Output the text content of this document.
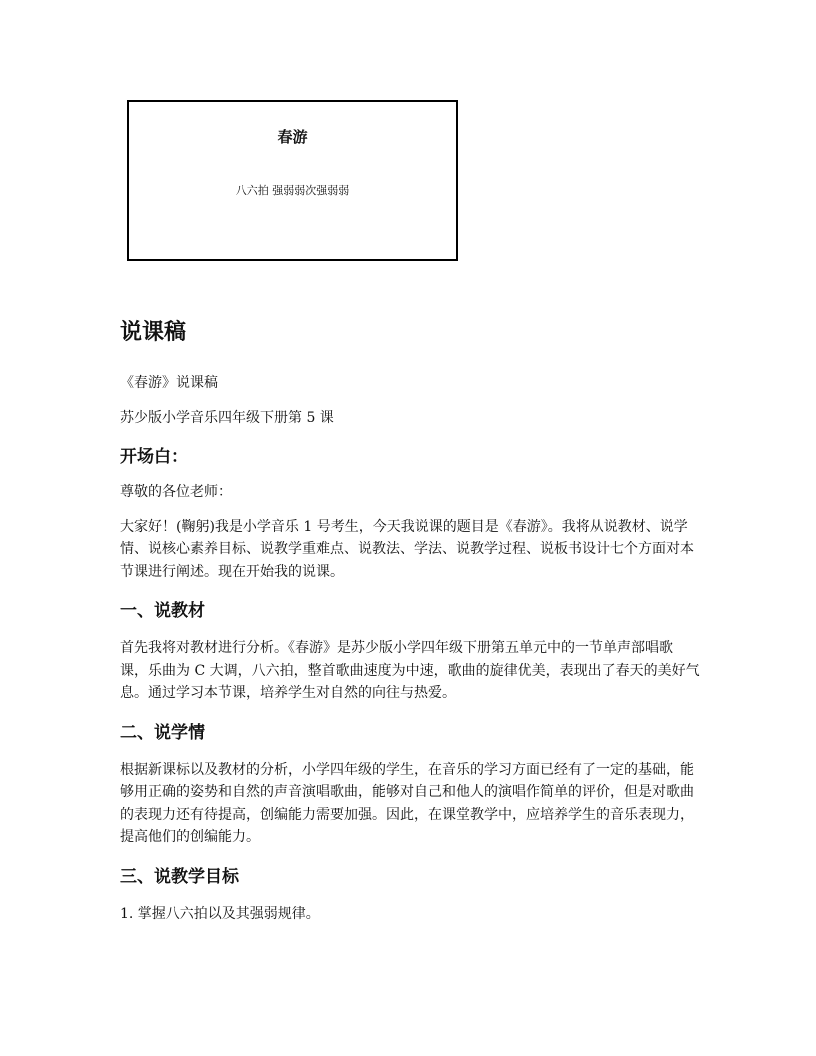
春游
八六拍 强弱弱次强弱弱
说课稿

《春游》说课稿

苏少版小学音乐四年级下册第 5 课

开场白：

尊敬的各位老师：

大家好！(鞠躬)我是小学音乐 1 号考生，今天我说课的题目是《春游》。我将从说教材、说学情、说核心素养目标、说教学重难点、说教法、学法、说教学过程、说板书设计七个方面对本节课进行阐述。现在开始我的说课。

一、说教材

首先我将对教材进行分析。《春游》是苏少版小学四年级下册第五单元中的一节单声部唱歌课，乐曲为 C 大调，八六拍，整首歌曲速度为中速，歌曲的旋律优美，表现出了春天的美好气息。通过学习本节课，培养学生对自然的向往与热爱。

二、说学情

根据新课标以及教材的分析，小学四年级的学生，在音乐的学习方面已经有了一定的基础，能够用正确的姿势和自然的声音演唱歌曲，能够对自己和他人的演唱作简单的评价，但是对歌曲的表现力还有待提高，创编能力需要加强。因此，在课堂教学中，应培养学生的音乐表现力，提高他们的创编能力。

三、说教学目标

1. 掌握八六拍以及其强弱规律。
